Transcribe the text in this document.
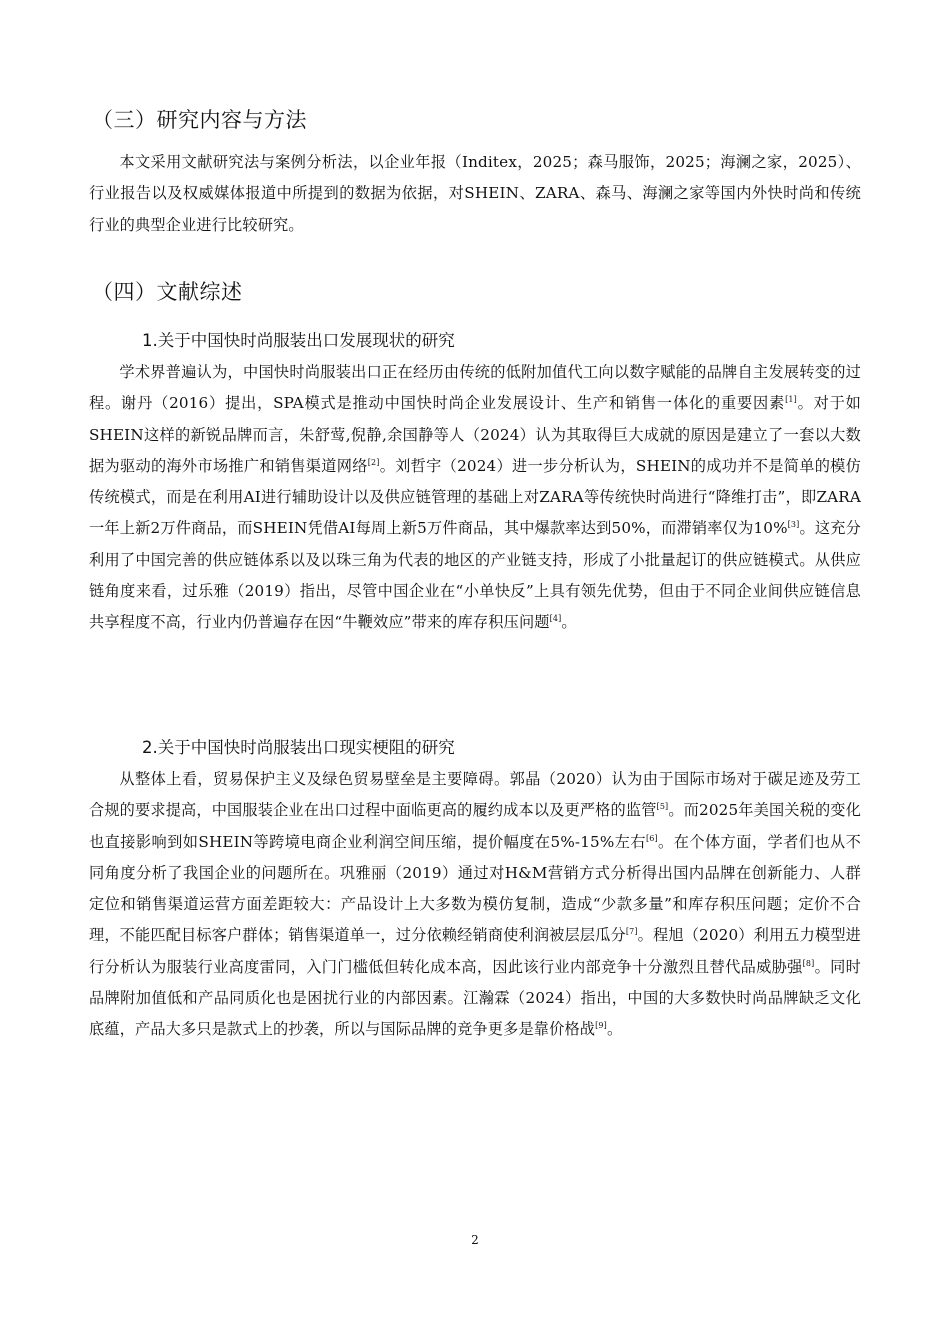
（三）研究内容与方法

本文采用文献研究法与案例分析法，以企业年报（Inditex，2025；森马服饰，2025；海澜之家，2025）、行业报告以及权威媒体报道中所提到的数据为依据，对SHEIN、ZARA、森马、海澜之家等国内外快时尚和传统行业的典型企业进行比较研究。

（四）文献综述
1.关于中国快时尚服装出口发展现状的研究

学术界普遍认为，中国快时尚服装出口正在经历由传统的低附加值代工向以数字赋能的品牌自主发展转变的过程。谢丹（2016）提出，SPA模式是推动中国快时尚企业发展设计、生产和销售一体化的重要因素[1]。对于如SHEIN这样的新锐品牌而言，朱舒莺,倪静,余国静等人（2024）认为其取得巨大成就的原因是建立了一套以大数据为驱动的海外市场推广和销售渠道网络[2]。刘哲宇（2024）进一步分析认为，SHEIN的成功并不是简单的模仿传统模式，而是在利用AI进行辅助设计以及供应链管理的基础上对ZARA等传统快时尚进行“降维打击”，即ZARA一年上新2万件商品，而SHEIN凭借AI每周上新5万件商品，其中爆款率达到50%，而滞销率仅为10%[3]。这充分利用了中国完善的供应链体系以及以珠三角为代表的地区的产业链支持，形成了小批量起订的供应链模式。从供应链角度来看，过乐雅（2019）指出，尽管中国企业在“小单快反”上具有领先优势，但由于不同企业间供应链信息共享程度不高，行业内仍普遍存在因“牛鞭效应”带来的库存积压问题[4]。

2.关于中国快时尚服装出口现实梗阻的研究

从整体上看，贸易保护主义及绿色贸易壁垒是主要障碍。郭晶（2020）认为由于国际市场对于碳足迹及劳工合规的要求提高，中国服装企业在出口过程中面临更高的履约成本以及更严格的监管[5]。而2025年美国关税的变化也直接影响到如SHEIN等跨境电商企业利润空间压缩，提价幅度在5%-15%左右[6]。在个体方面，学者们也从不同角度分析了我国企业的问题所在。巩雅丽（2019）通过对H&M营销方式分析得出国内品牌在创新能力、人群定位和销售渠道运营方面差距较大：产品设计上大多数为模仿复制，造成“少款多量”和库存积压问题；定价不合理，不能匹配目标客户群体；销售渠道单一，过分依赖经销商使利润被层层瓜分[7]。程旭（2020）利用五力模型进行分析认为服装行业高度雷同，入门门槛低但转化成本高，因此该行业内部竞争十分激烈且替代品威胁强[8]。同时品牌附加值低和产品同质化也是困扰行业的内部因素。江瀚霖（2024）指出，中国的大多数快时尚品牌缺乏文化底蕴，产品大多只是款式上的抄袭，所以与国际品牌的竞争更多是靠价格战[9]。

2
